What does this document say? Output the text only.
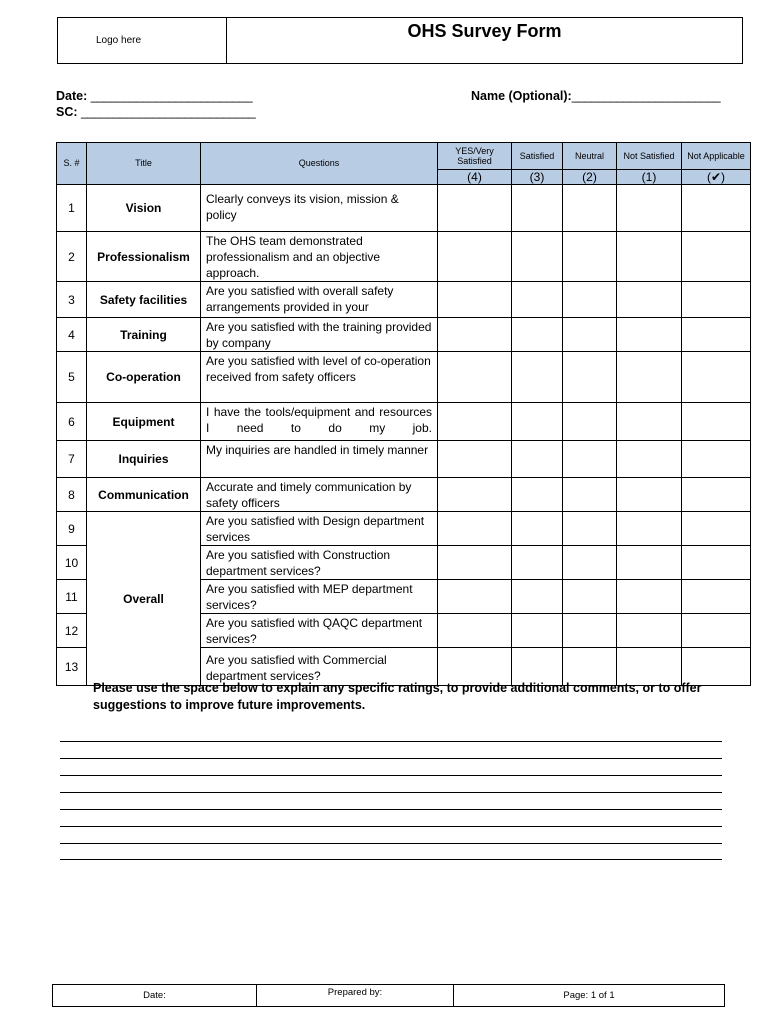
Logo here	OHS Survey Form
Date: _________________________
SC: ___________________________
Name (Optional):_______________________
S. #	Title	Questions	YES/Very Satisfied	Satisfied	Neutral	Not Satisfied	Not Applicable
			(4)	(3)	(2)	(1)	(✔)
1	Vision	Clearly conveys its vision, mission & policy					
2	Professionalism	The OHS team demonstrated professionalism and an objective approach.					
3	Safety facilities	Are you satisfied with overall safety arrangements provided in your					
4	Training	Are you satisfied with the training provided by company					
5	Co-operation	Are you satisfied with level of co-operation received from safety officers					
6	Equipment	I have the tools/equipment and resources I need to do my job.					
7	Inquiries	My inquiries are handled in timely manner					
8	Communication	Accurate and timely communication by safety officers					
9	Overall	Are you satisfied with Design department services					
10		Are you satisfied with Construction department services?					
11		Are you satisfied with MEP department services?					
12		Are you satisfied with QAQC department services?					
13		Are you satisfied with Commercial department services?					
Please use the space below to explain any specific ratings, to provide additional comments, or to offer suggestions to improve future improvements.
Date:	Prepared by:	Page: 1 of 1
